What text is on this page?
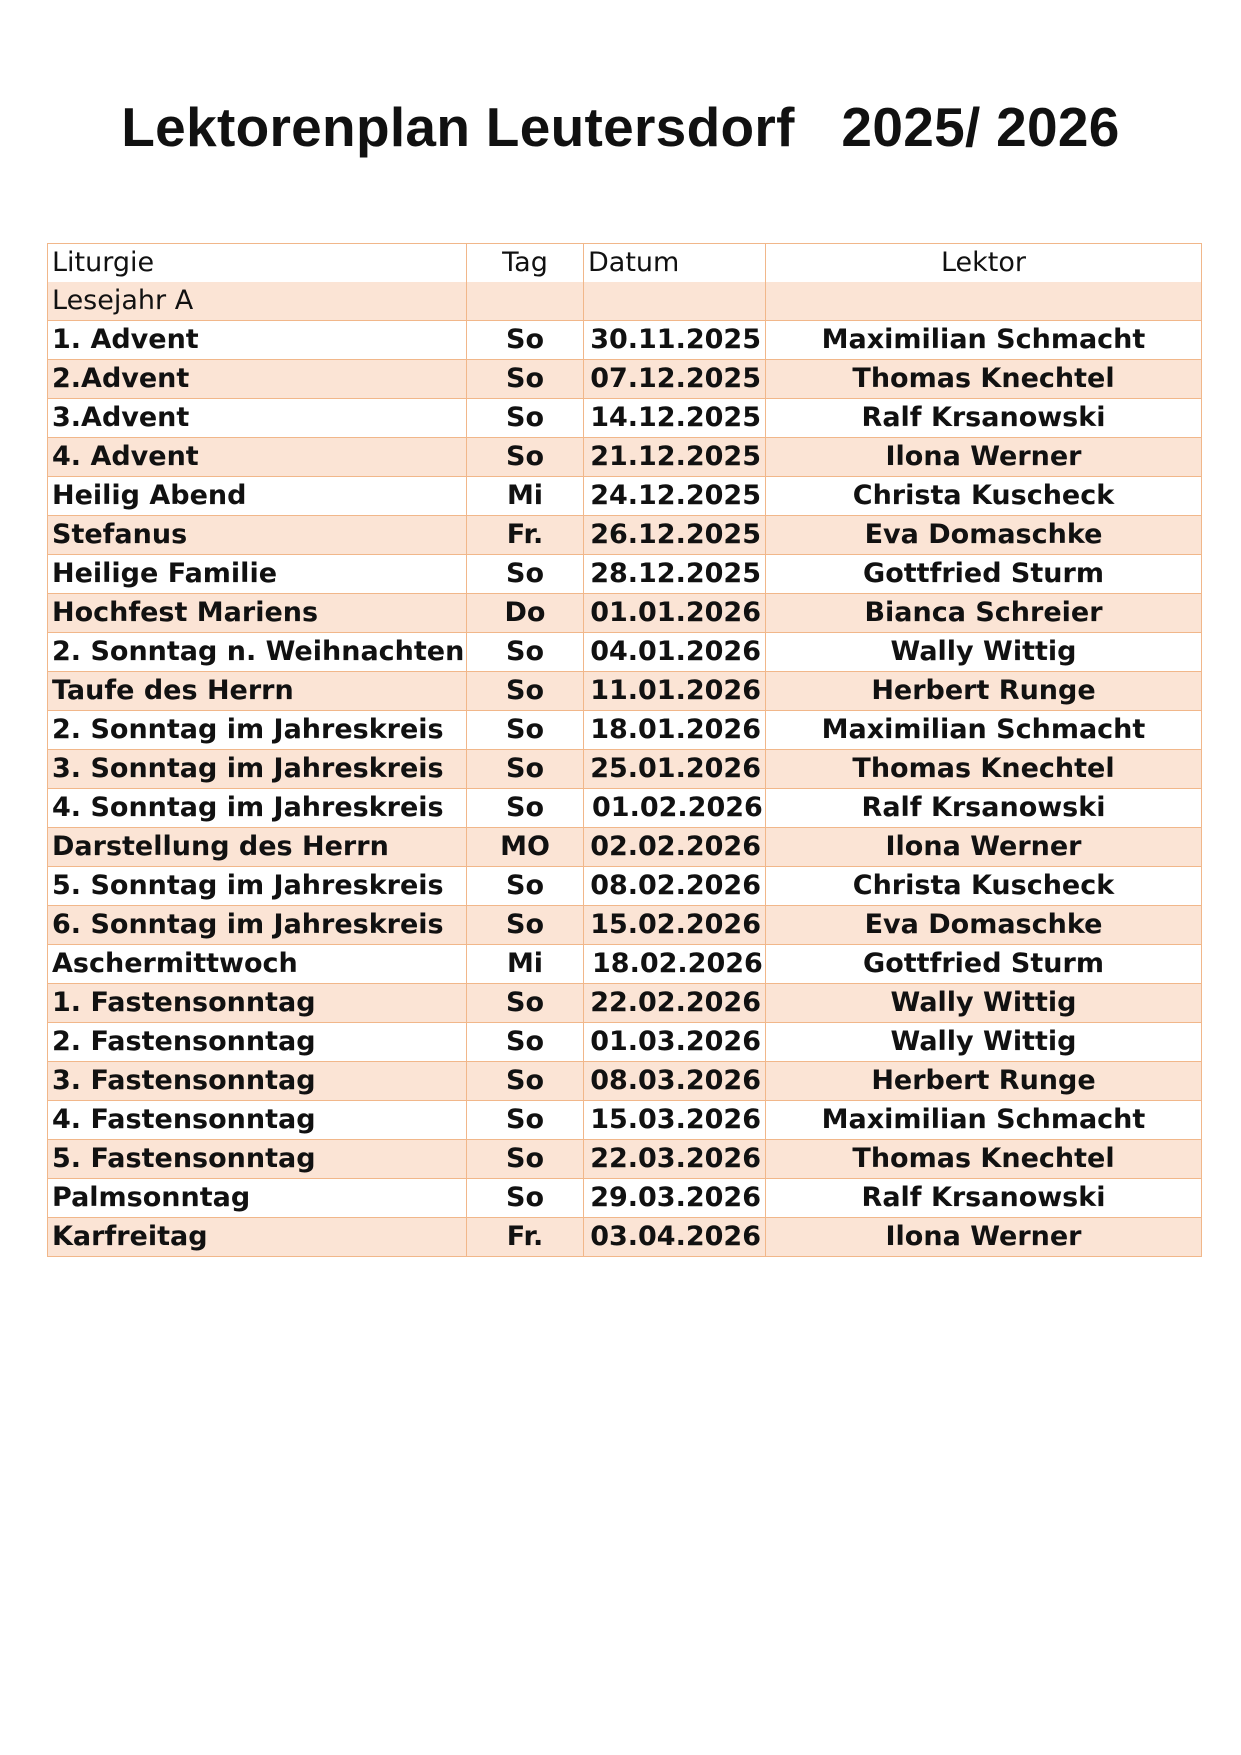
Lektorenplan Leutersdorf   2025/ 2026
Liturgie	Tag	Datum	Lektor
Lesejahr A			
1. Advent	So	30.11.2025	Maximilian Schmacht
2.Advent	So	07.12.2025	Thomas Knechtel
3.Advent	So	14.12.2025	Ralf Krsanowski
4. Advent	So	21.12.2025	Ilona Werner
Heilig Abend	Mi	24.12.2025	Christa Kuscheck
Stefanus	Fr.	26.12.2025	Eva Domaschke
Heilige Familie	So	28.12.2025	Gottfried Sturm
Hochfest Mariens	Do	01.01.2026	Bianca Schreier
2. Sonntag n. Weihnachten	So	04.01.2026	Wally Wittig
Taufe des Herrn	So	11.01.2026	Herbert Runge
2. Sonntag im Jahreskreis	So	18.01.2026	Maximilian Schmacht
3. Sonntag im Jahreskreis	So	25.01.2026	Thomas Knechtel
4. Sonntag im Jahreskreis	So	01.02.2026	Ralf Krsanowski
Darstellung des Herrn	MO	02.02.2026	Ilona Werner
5. Sonntag im Jahreskreis	So	08.02.2026	Christa Kuscheck
6. Sonntag im Jahreskreis	So	15.02.2026	Eva Domaschke
Aschermittwoch	Mi	18.02.2026	Gottfried Sturm
1. Fastensonntag	So	22.02.2026	Wally Wittig
2. Fastensonntag	So	01.03.2026	Wally Wittig
3. Fastensonntag	So	08.03.2026	Herbert Runge
4. Fastensonntag	So	15.03.2026	Maximilian Schmacht
5. Fastensonntag	So	22.03.2026	Thomas Knechtel
Palmsonntag	So	29.03.2026	Ralf Krsanowski
Karfreitag	Fr.	03.04.2026	Ilona Werner
